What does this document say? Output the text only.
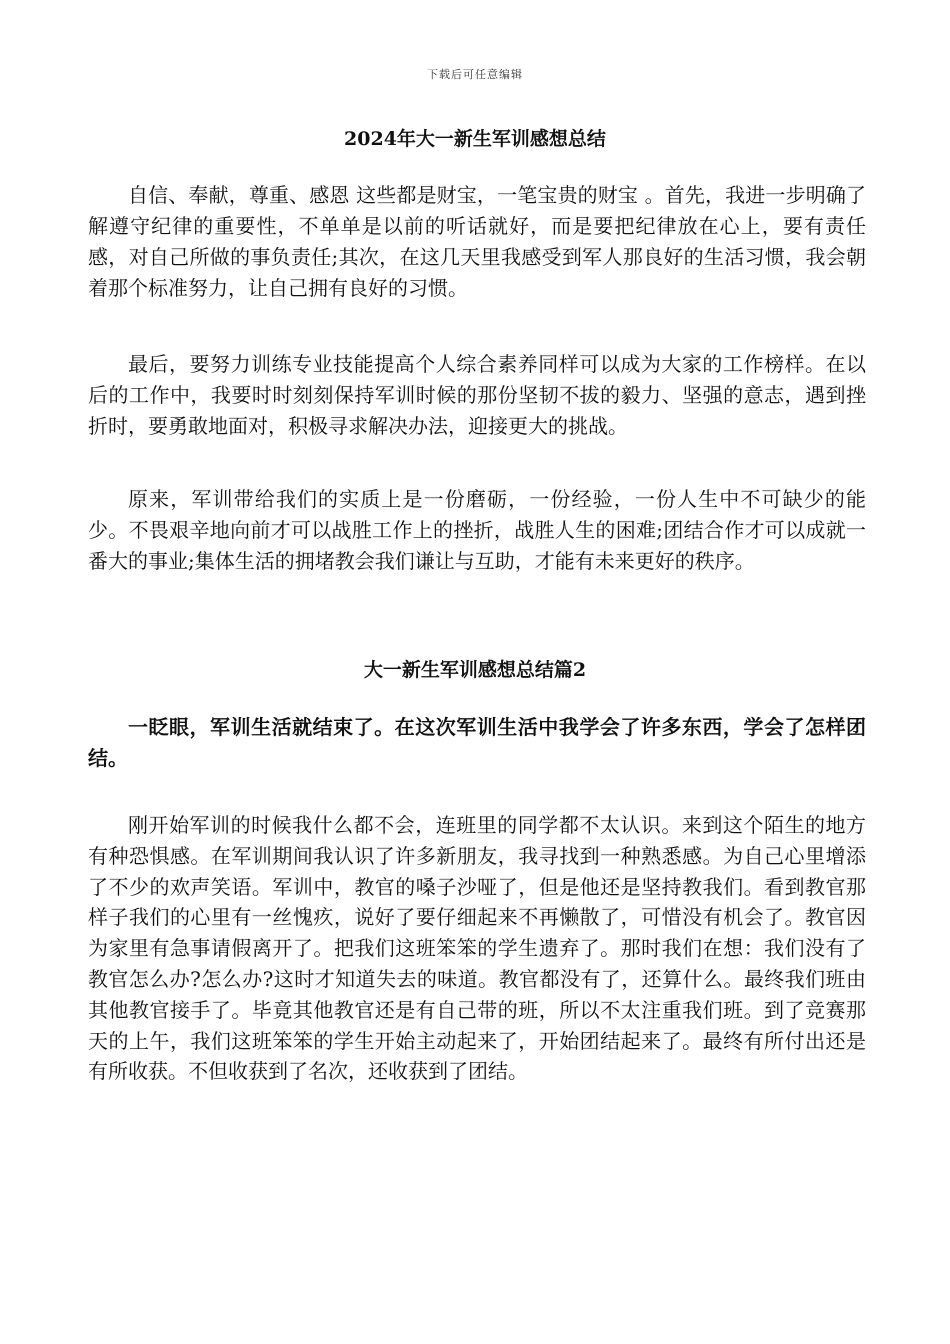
下载后可任意编辑
2024年大一新生军训感想总结

自信、奉献，尊重、感恩 这些都是财宝，一笔宝贵的财宝 。首先，我进一步明确了解遵守纪律的重要性，不单单是以前的听话就好，而是要把纪律放在心上，要有责任感，对自己所做的事负责任;其次，在这几天里我感受到军人那良好的生活习惯，我会朝着那个标准努力，让自己拥有良好的习惯。

最后，要努力训练专业技能提高个人综合素养同样可以成为大家的工作榜样。在以后的工作中，我要时时刻刻保持军训时候的那份坚韧不拔的毅力、坚强的意志，遇到挫折时，要勇敢地面对，积极寻求解决办法，迎接更大的挑战。

原来，军训带给我们的实质上是一份磨砺，一份经验，一份人生中不可缺少的能少。不畏艰辛地向前才可以战胜工作上的挫折，战胜人生的困难;团结合作才可以成就一番大的事业;集体生活的拥堵教会我们谦让与互助，才能有未来更好的秩序。

大一新生军训感想总结篇2

一眨眼，军训生活就结束了。在这次军训生活中我学会了许多东西，学会了怎样团结。

刚开始军训的时候我什么都不会，连班里的同学都不太认识。来到这个陌生的地方有种恐惧感。在军训期间我认识了许多新朋友，我寻找到一种熟悉感。为自己心里增添了不少的欢声笑语。军训中，教官的嗓子沙哑了，但是他还是坚持教我们。看到教官那样子我们的心里有一丝愧疚，说好了要仔细起来不再懒散了，可惜没有机会了。教官因为家里有急事请假离开了。把我们这班笨笨的学生遗弃了。那时我们在想：我们没有了教官怎么办?怎么办?这时才知道失去的味道。教官都没有了，还算什么。最终我们班由其他教官接手了。毕竟其他教官还是有自己带的班，所以不太注重我们班。到了竞赛那天的上午，我们这班笨笨的学生开始主动起来了，开始团结起来了。最终有所付出还是有所收获。不但收获到了名次，还收获到了团结。
